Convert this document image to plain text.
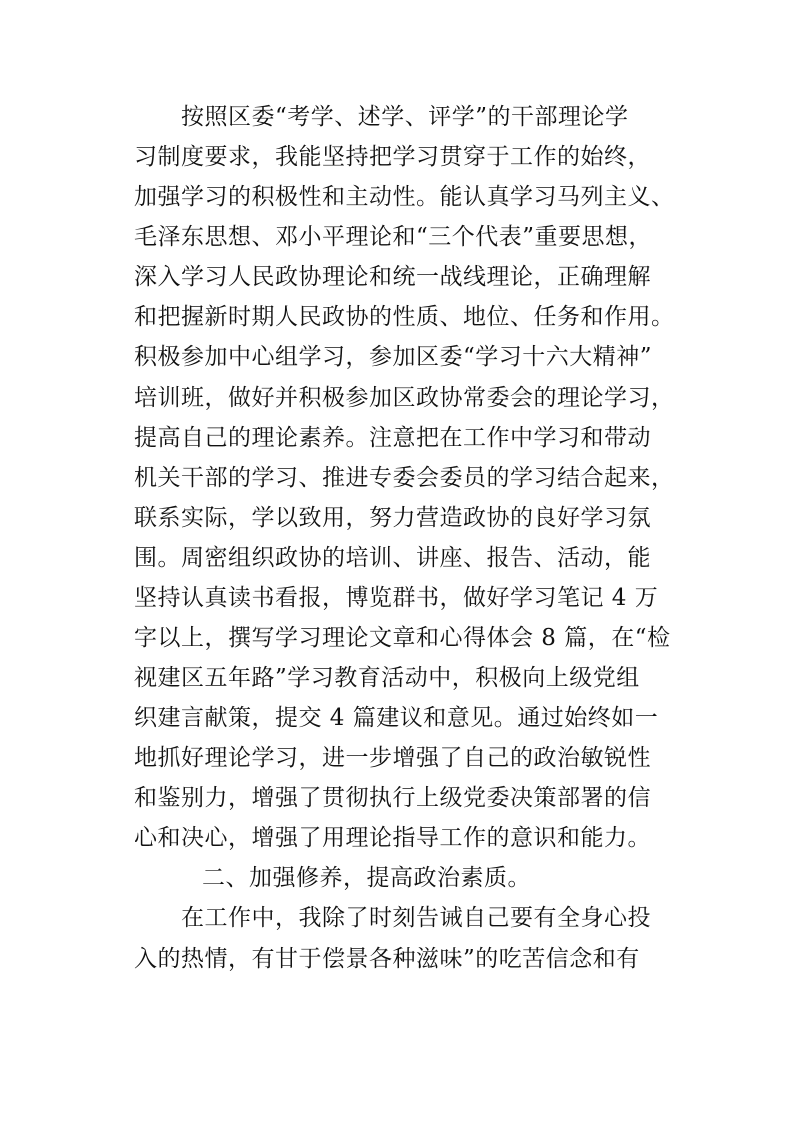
按照区委“考学、述学、评学”的干部理论学
习制度要求，我能坚持把学习贯穿于工作的始终，
加强学习的积极性和主动性。能认真学习马列主义、
毛泽东思想、邓小平理论和“三个代表”重要思想，
深入学习人民政协理论和统一战线理论，正确理解
和把握新时期人民政协的性质、地位、任务和作用。
积极参加中心组学习，参加区委“学习十六大精神”
培训班，做好并积极参加区政协常委会的理论学习，
提高自己的理论素养。注意把在工作中学习和带动
机关干部的学习、推进专委会委员的学习结合起来，
联系实际，学以致用，努力营造政协的良好学习氛
围。周密组织政协的培训、讲座、报告、活动，能
坚持认真读书看报，博览群书，做好学习笔记 4 万
字以上，撰写学习理论文章和心得体会 8 篇，在“检
视建区五年路”学习教育活动中，积极向上级党组
织建言献策，提交 4 篇建议和意见。通过始终如一
地抓好理论学习，进一步增强了自己的政治敏锐性
和鉴别力，增强了贯彻执行上级党委决策部署的信
心和决心，增强了用理论指导工作的意识和能力。
二、加强修养，提高政治素质。
在工作中，我除了时刻告诫自己要有全身心投
入的热情，有甘于偿景各种滋味”的吃苦信念和有
